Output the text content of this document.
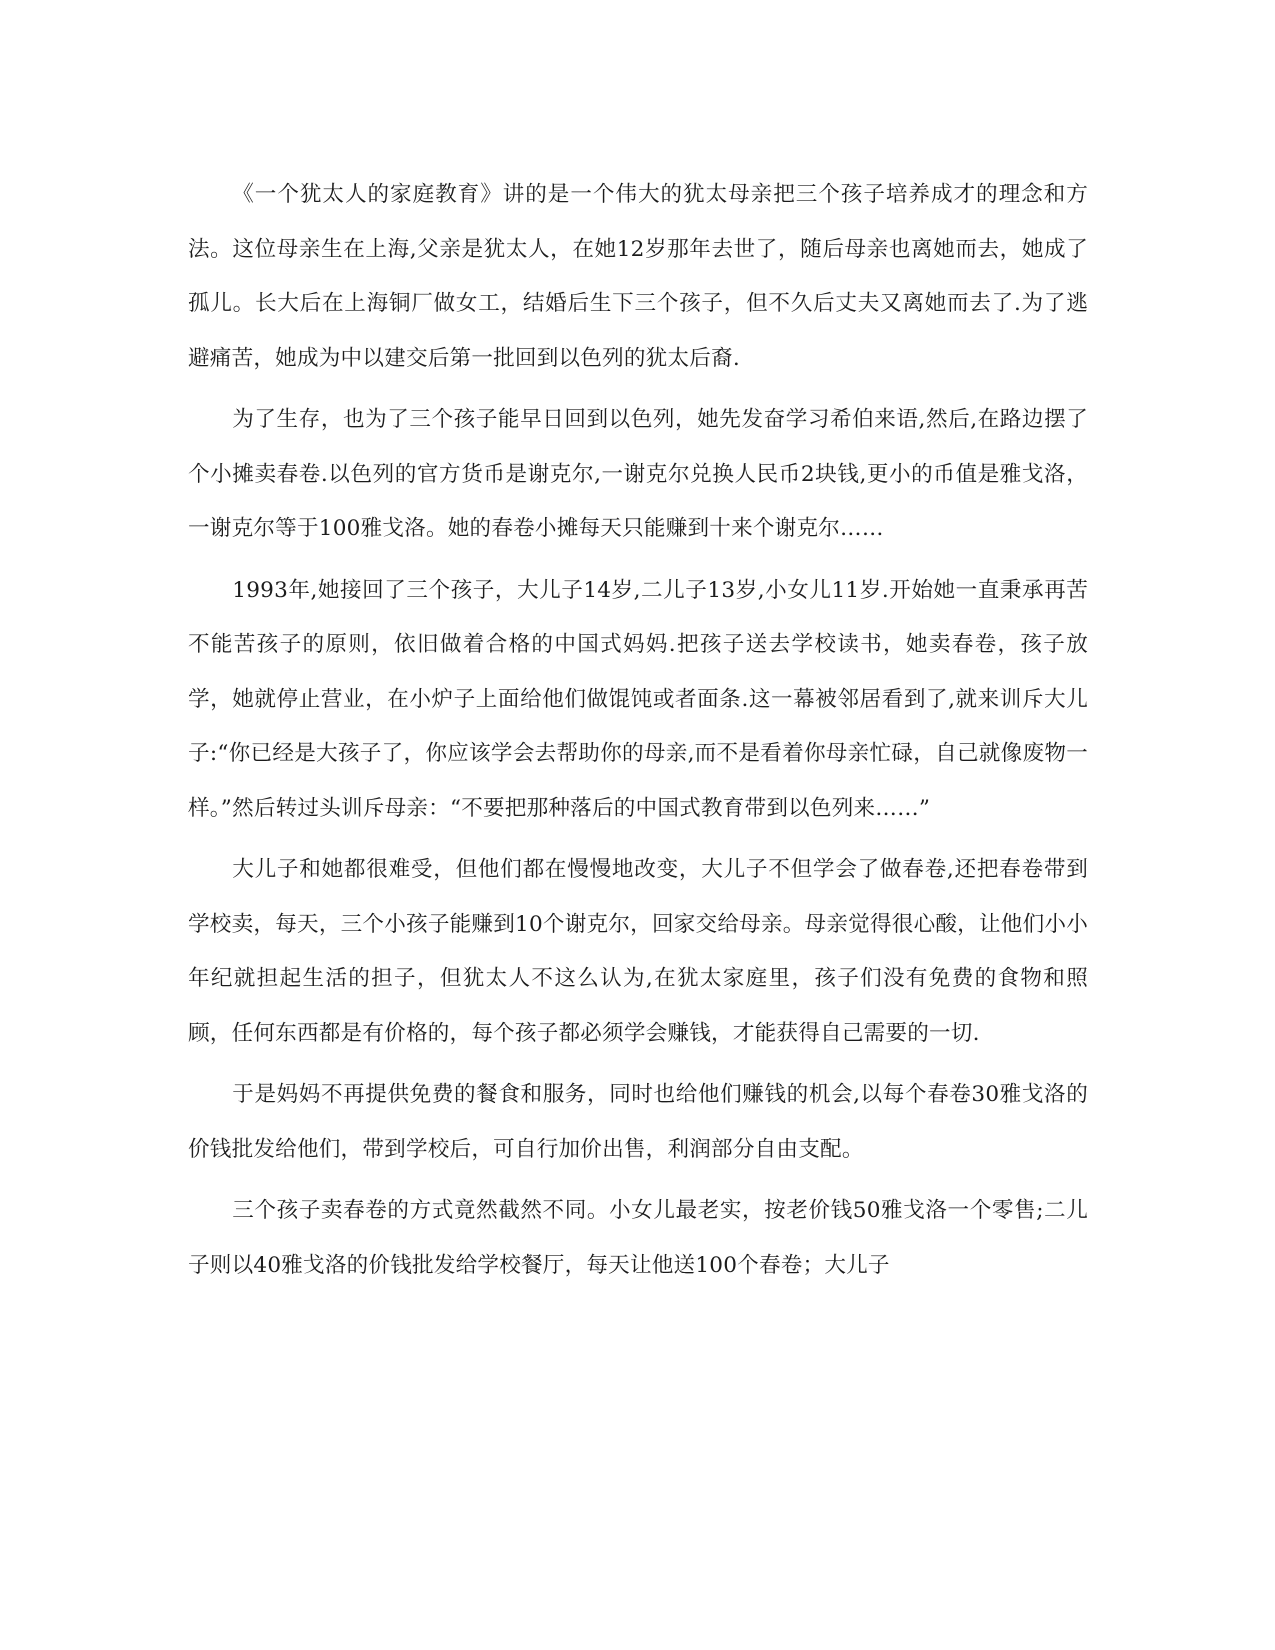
《一个犹太人的家庭教育》讲的是一个伟大的犹太母亲把三个孩子培养成才的理念和方法。这位母亲生在上海,父亲是犹太人，在她12岁那年去世了，随后母亲也离她而去，她成了孤儿。长大后在上海铜厂做女工，结婚后生下三个孩子，但不久后丈夫又离她而去了.为了逃避痛苦，她成为中以建交后第一批回到以色列的犹太后裔.

为了生存，也为了三个孩子能早日回到以色列，她先发奋学习希伯来语,然后,在路边摆了个小摊卖春卷.以色列的官方货币是谢克尔,一谢克尔兑换人民币2块钱,更小的币值是雅戈洛，一谢克尔等于100雅戈洛。她的春卷小摊每天只能赚到十来个谢克尔……

1993年,她接回了三个孩子，大儿子14岁,二儿子13岁,小女儿11岁.开始她一直秉承再苦不能苦孩子的原则，依旧做着合格的中国式妈妈.把孩子送去学校读书，她卖春卷，孩子放学，她就停止营业，在小炉子上面给他们做馄饨或者面条.这一幕被邻居看到了,就来训斥大儿子:“你已经是大孩子了，你应该学会去帮助你的母亲,而不是看着你母亲忙碌，自己就像废物一样。”然后转过头训斥母亲：“不要把那种落后的中国式教育带到以色列来……”

大儿子和她都很难受，但他们都在慢慢地改变，大儿子不但学会了做春卷,还把春卷带到学校卖，每天，三个小孩子能赚到10个谢克尔，回家交给母亲。母亲觉得很心酸，让他们小小年纪就担起生活的担子，但犹太人不这么认为,在犹太家庭里，孩子们没有免费的食物和照顾，任何东西都是有价格的，每个孩子都必须学会赚钱，才能获得自己需要的一切.

于是妈妈不再提供免费的餐食和服务，同时也给他们赚钱的机会,以每个春卷30雅戈洛的价钱批发给他们，带到学校后，可自行加价出售，利润部分自由支配。

三个孩子卖春卷的方式竟然截然不同。小女儿最老实，按老价钱50雅戈洛一个零售;二儿子则以40雅戈洛的价钱批发给学校餐厅，每天让他送100个春卷；大儿子
